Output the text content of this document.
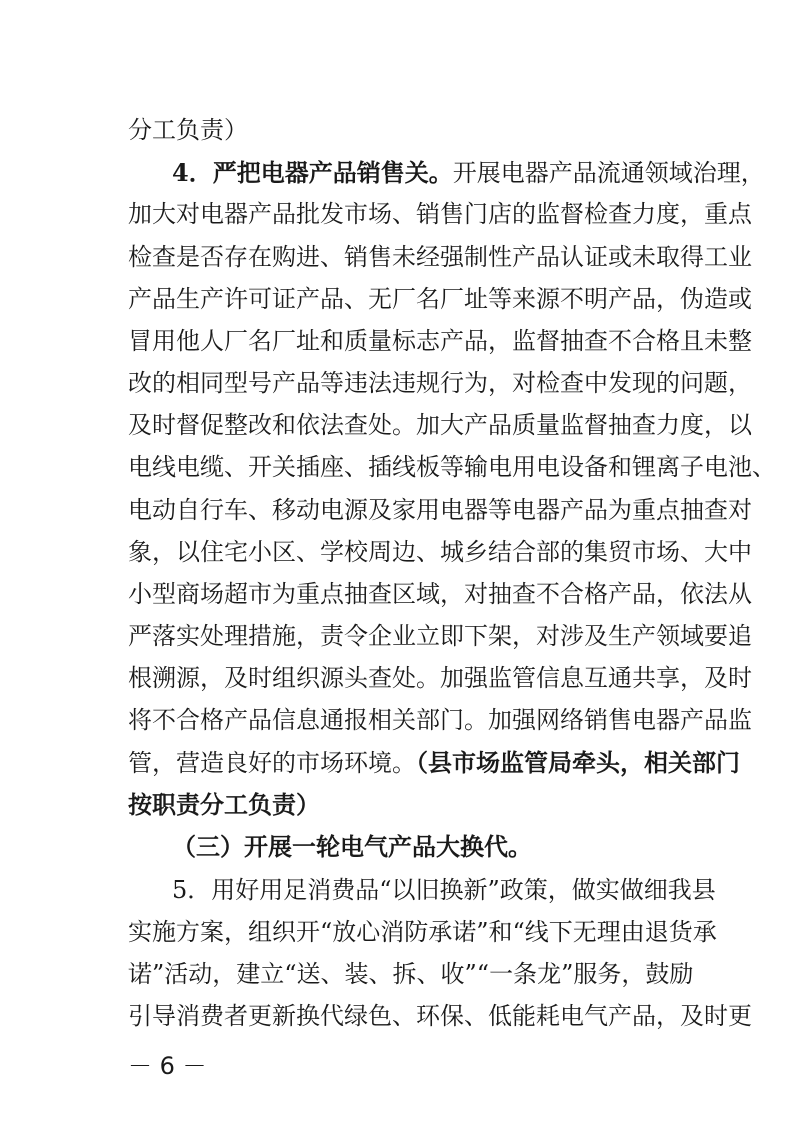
分工负责）
4．严把电器产品销售关。开展电器产品流通领域治理，
加大对电器产品批发市场、销售门店的监督检查力度，重点
检查是否存在购进、销售未经强制性产品认证或未取得工业
产品生产许可证产品、无厂名厂址等来源不明产品，伪造或
冒用他人厂名厂址和质量标志产品，监督抽查不合格且未整
改的相同型号产品等违法违规行为，对检查中发现的问题，
及时督促整改和依法查处。加大产品质量监督抽查力度，以
电线电缆、开关插座、插线板等输电用电设备和锂离子电池、
电动自行车、移动电源及家用电器等电器产品为重点抽查对
象，以住宅小区、学校周边、城乡结合部的集贸市场、大中
小型商场超市为重点抽查区域，对抽查不合格产品，依法从
严落实处理措施，责令企业立即下架，对涉及生产领域要追
根溯源，及时组织源头查处。加强监管信息互通共享，及时
将不合格产品信息通报相关部门。加强网络销售电器产品监
管，营造良好的市场环境。（县市场监管局牵头，相关部门
按职责分工负责）
（三）开展一轮电气产品大换代。
5．用好用足消费品“以旧换新”政策，做实做细我县
实施方案，组织开“放心消防承诺”和“线下无理由退货承
诺”活动，建立“送、装、拆、收”“一条龙”服务，鼓励
引导消费者更新换代绿色、环保、低能耗电气产品，及时更
－ 6 －
